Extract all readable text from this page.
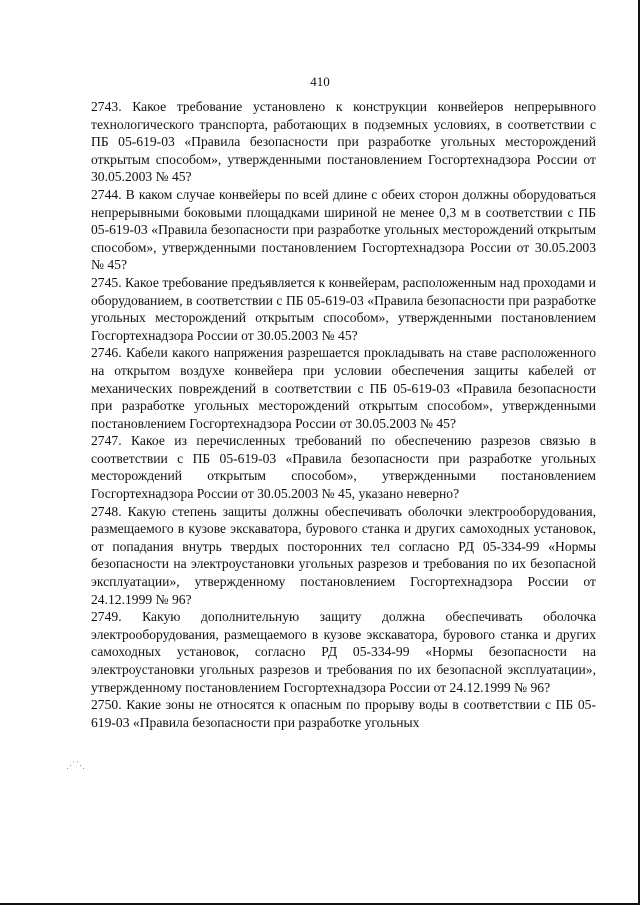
410

2743. Какое требование установлено к конструкции конвейеров непрерывного технологического транспорта, работающих в подземных условиях, в соответствии с ПБ 05-619-03 «Правила безопасности при разработке угольных месторождений открытым способом», утвержденными постановлением Госгортехнадзора России от 30.05.2003 № 45?

2744. В каком случае конвейеры по всей длине с обеих сторон должны оборудоваться непрерывными боковыми площадками шириной не менее 0,3 м в соответствии с ПБ 05-619-03 «Правила безопасности при разработке угольных месторождений открытым способом», утвержденными постановлением Госгортехнадзора России от 30.05.2003 № 45?

2745. Какое требование предъявляется к конвейерам, расположенным над проходами и оборудованием, в соответствии с ПБ 05-619-03 «Правила безопасности при разработке угольных месторождений открытым способом», утвержденными постановлением Госгортехнадзора России от 30.05.2003 № 45?

2746. Кабели какого напряжения разрешается прокладывать на ставе расположенного на открытом воздухе конвейера при условии обеспечения защиты кабелей от механических повреждений в соответствии с ПБ 05-619-03 «Правила безопасности при разработке угольных месторождений открытым способом», утвержденными постановлением Госгортехнадзора России от 30.05.2003 № 45?

2747. Какое из перечисленных требований по обеспечению разрезов связью в соответствии с ПБ 05-619-03 «Правила безопасности при разработке угольных месторождений открытым способом», утвержденными постановлением Госгортехнадзора России от 30.05.2003 № 45, указано неверно?

2748. Какую степень защиты должны обеспечивать оболочки электрооборудования, размещаемого в кузове экскаватора, бурового станка и других самоходных установок, от попадания внутрь твердых посторонних тел согласно РД 05-334-99 «Нормы безопасности на электроустановки угольных разрезов и требования по их безопасной эксплуатации», утвержденному постановлением Госгортехнадзора России от 24.12.1999 № 96?

2749. Какую дополнительную защиту должна обеспечивать оболочка электрооборудования, размещаемого в кузове экскаватора, бурового станка и других самоходных установок, согласно РД 05-334-99 «Нормы безопасности на электроустановки угольных разрезов и требования по их безопасной эксплуатации», утвержденному постановлением Госгортехнадзора России от 24.12.1999 № 96?

2750. Какие зоны не относятся к опасным по прорыву воды в соответствии с ПБ 05-619-03 «Правила безопасности при разработке угольных

⋰⋱
